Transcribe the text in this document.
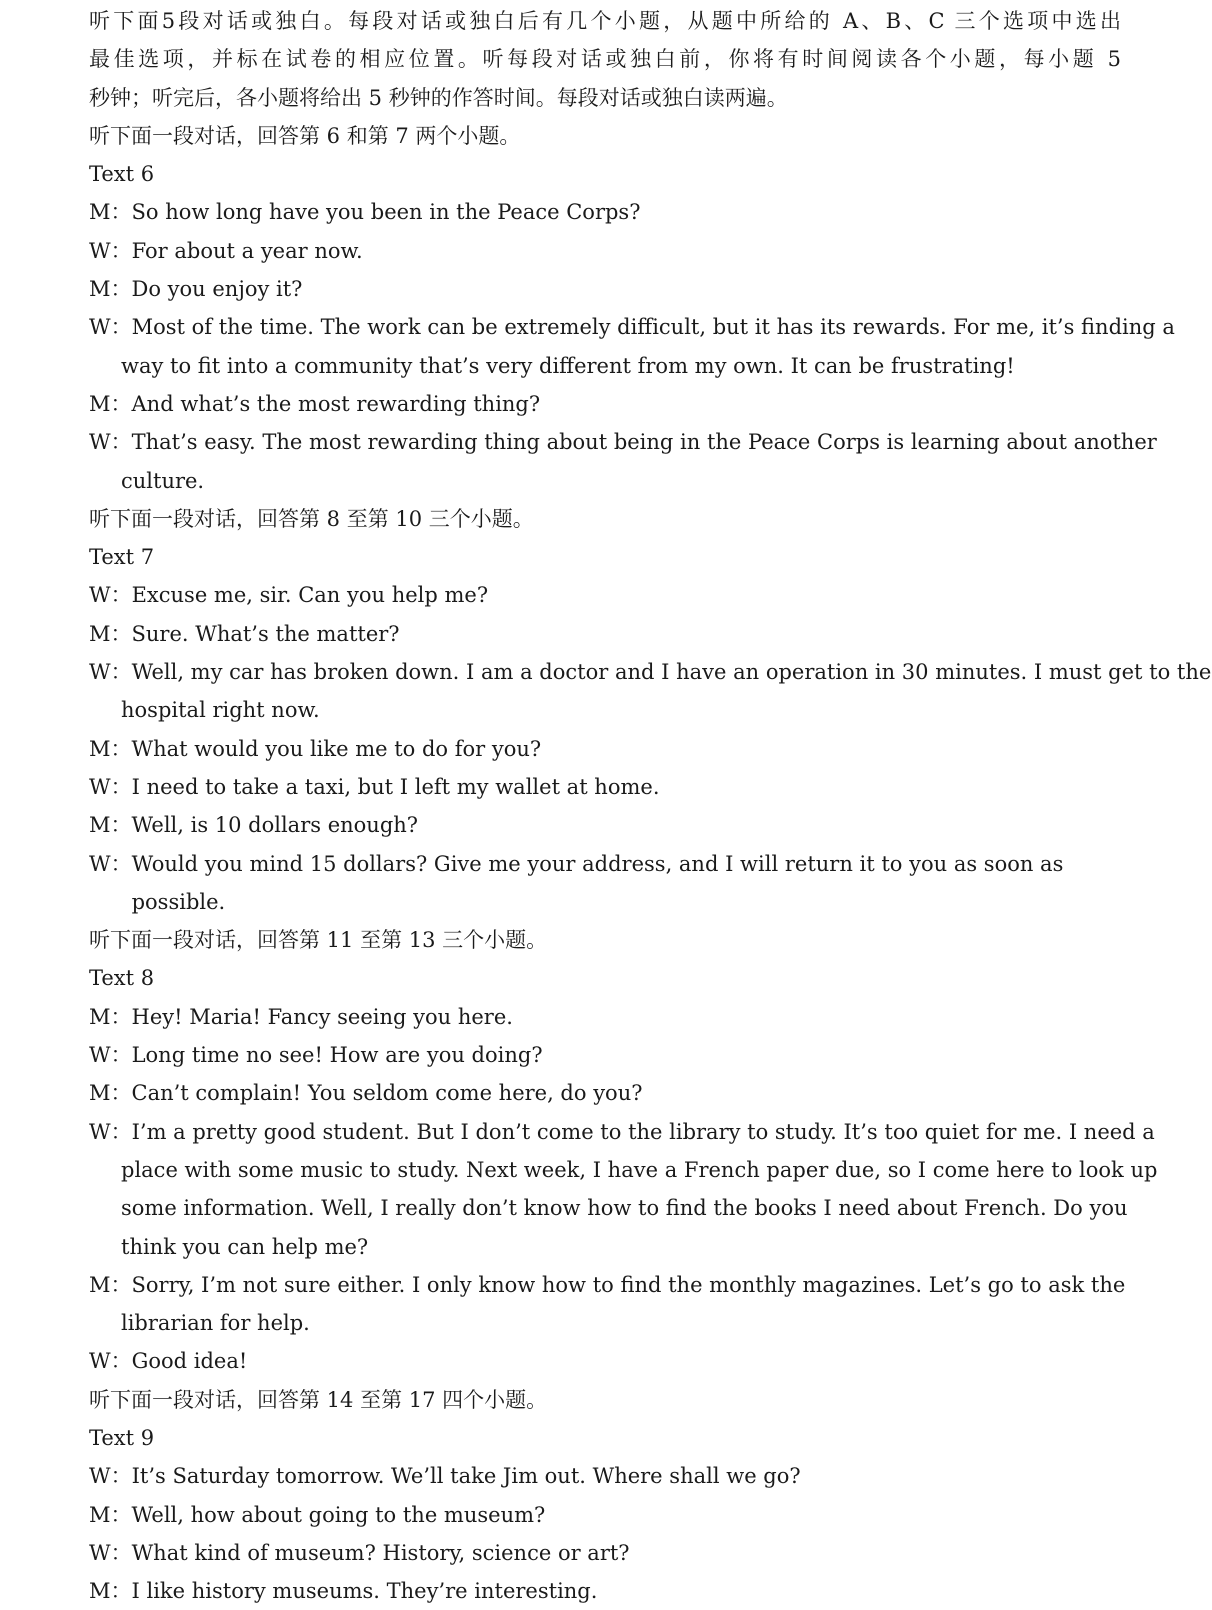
听下面5段对话或独白。每段对话或独白后有几个小题，从题中所给的 A、B、C 三个选项中选出

最佳选项，并标在试卷的相应位置。听每段对话或独白前，你将有时间阅读各个小题，每小题 5

秒钟；听完后，各小题将给出 5 秒钟的作答时间。每段对话或独白读两遍。

听下面一段对话，回答第 6 和第 7 两个小题。

Text 6

M： So how long have you been in the Peace Corps?
W： For about a year now.
M： Do you enjoy it?
W：Most of the time. The work can be extremely difficult, but it has its rewards. For me, it’s finding a
way to fit into a community that’s very different from my own. It can be frustrating!
M： And what’s the most rewarding thing?
W：That’s easy. The most rewarding thing about being in the Peace Corps is learning about another
culture.

听下面一段对话，回答第 8 至第 10 三个小题。

Text 7

W： Excuse me, sir. Can you help me?
M： Sure. What’s the matter?
W：Well, my car has broken down. I am a doctor and I have an operation in 30 minutes. I must get to the
hospital right now.
M： What would you like me to do for you?
W： I need to take a taxi, but I left my wallet at home.
M： Well, is 10 dollars enough?
W： Would you mind 15 dollars? Give me your address, and I will return it to you as soon as possible.

听下面一段对话，回答第 11 至第 13 三个小题。

Text 8

M： Hey! Maria! Fancy seeing you here.
W： Long time no see! How are you doing?
M： Can’t complain! You seldom come here, do you?
W：I’m a pretty good student. But I don’t come to the library to study. It’s too quiet for me. I need a
place with some music to study. Next week, I have a French paper due, so I come here to look up
some information. Well, I really don’t know how to find the books I need about French. Do you
think you can help me?
M：Sorry, I’m not sure either. I only know how to find the monthly magazines. Let’s go to ask the
librarian for help.
W： Good idea!

听下面一段对话，回答第 14 至第 17 四个小题。

Text 9

W： It’s Saturday tomorrow. We’ll take Jim out. Where shall we go?
M： Well, how about going to the museum?
W： What kind of museum? History, science or art?
M： I like history museums. They’re interesting.
